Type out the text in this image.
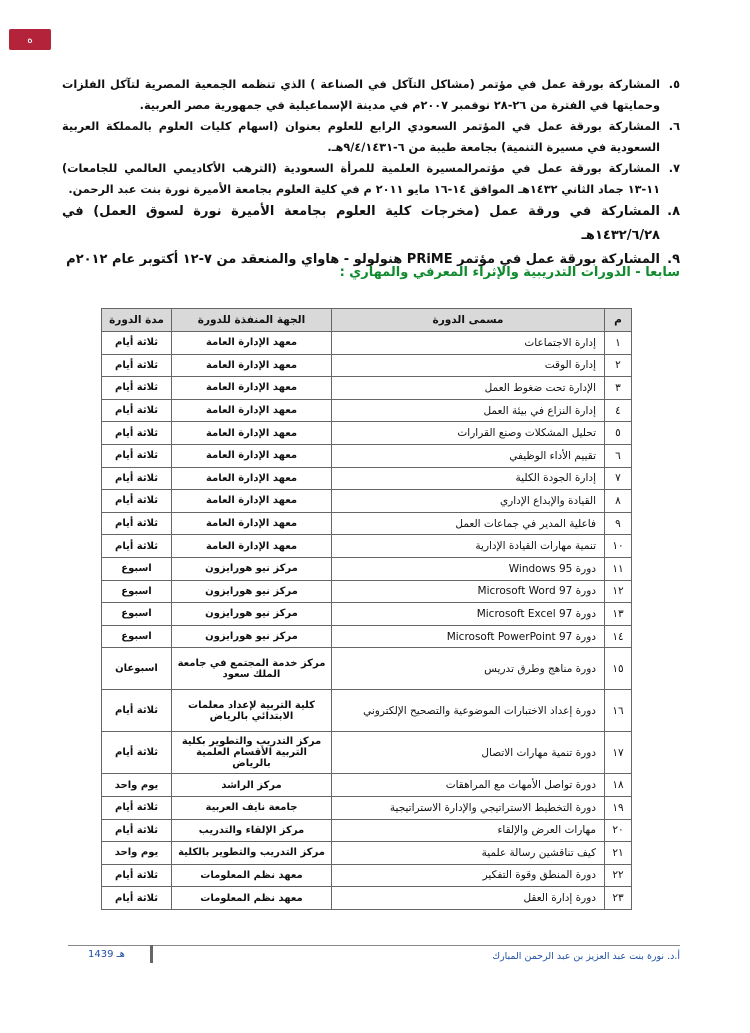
ه
٥.
المشاركة بورقة عمل في مؤتمر (مشاكل التآكل في الصناعة ) الذي تنظمه الجمعية المصرية لتآكل الفلزات وحمايتها في الفترة من ٢٦-٢٨ نوفمبر ٢٠٠٧م في مدينة الإسماعيلية في جمهورية مصر العربية.
٦.
المشاركة بورقة عمل في المؤتمر السعودي الرابع للعلوم بعنوان (اسهام كليات العلوم بالمملكة العربية السعودية في مسيرة التنمية) بجامعة طيبة من ٦-٩/٤/١٤٣١هـ.
٧.
المشاركة بورقة عمل في مؤتمرالمسيرة العلمية للمرأة السعودية (الترهب الأكاديمي العالمي للجامعات) ١١-١٣ جماد الثاني ١٤٣٢هـ الموافق ١٤-١٦ مايو ٢٠١١ م في كلية العلوم بجامعة الأميرة نورة بنت عبد الرحمن.
٨.
المشاركة في ورقة عمل (مخرجات كلية العلوم بجامعة الأميرة نورة لسوق العمل) في ١٤٣٢/٦/٢٨هـ
٩.
المشاركة بورقة عمل في مؤتمر PRiME هنولولو - هاواي والمنعقد من ٧-١٢ أكتوبر عام ٢٠١٢م
سابعا - الدورات التدريبية والإثراء المعرفي والمهاري :
م	مسمى الدورة	الجهة المنفذة للدورة	مدة الدورة
١	إدارة الاجتماعات	معهد الإدارة العامة	ثلاثة أيام
٢	إدارة الوقت	معهد الإدارة العامة	ثلاثة أيام
٣	الإدارة تحت ضغوط العمل	معهد الإدارة العامة	ثلاثة أيام
٤	إدارة النزاع في بيئة العمل	معهد الإدارة العامة	ثلاثة أيام
٥	تحليل المشكلات وصنع القرارات	معهد الإدارة العامة	ثلاثة أيام
٦	تقييم الأداء الوظيفي	معهد الإدارة العامة	ثلاثة أيام
٧	إدارة الجودة الكلية	معهد الإدارة العامة	ثلاثة أيام
٨	القيادة والإبداع الإداري	معهد الإدارة العامة	ثلاثة أيام
٩	فاعلية المدير في جماعات العمل	معهد الإدارة العامة	ثلاثة أيام
١٠	تنمية مهارات القيادة الإدارية	معهد الإدارة العامة	ثلاثة أيام
١١	دورة Windows 95	مركز نيو هورايزون	اسبوع
١٢	دورة Microsoft Word 97	مركز نيو هورايزون	اسبوع
١٣	دورة Microsoft Excel 97	مركز نيو هورايزون	اسبوع
١٤	دورة Microsoft PowerPoint 97	مركز نيو هورايزون	اسبوع
١٥	دورة مناهج وطرق تدريس	مركز خدمة المجتمع في جامعة الملك سعود	اسبوعان
١٦	دورة إعداد الاختبارات الموضوعية والتصحيح الإلكتروني	كلية التربية لإعداد معلمات الابتدائي بالرياض	ثلاثة أيام
١٧	دورة تنمية مهارات الاتصال	مركز التدريب والتطوير بكلية التربية الأقسام العلمية بالرياض	ثلاثة أيام
١٨	دورة تواصل الأمهات مع المراهقات	مركز الراشد	يوم واحد
١٩	دورة التخطيط الاستراتيجي والإدارة الاستراتيجية	جامعة نايف العربية	ثلاثة أيام
٢٠	مهارات العرض والإلقاء	مركز الإلقاء والتدريب	ثلاثة أيام
٢١	كيف تناقشين رسالة علمية	مركز التدريب والتطوير بالكلية	يوم واحد
٢٢	دورة المنطق وقوة التفكير	معهد نظم المعلومات	ثلاثة أيام
٢٣	دورة إدارة العقل	معهد نظم المعلومات	ثلاثة أيام
1439 هـ	أ.د. نورة بنت عبد العزيز بن عبد الرحمن المبارك
